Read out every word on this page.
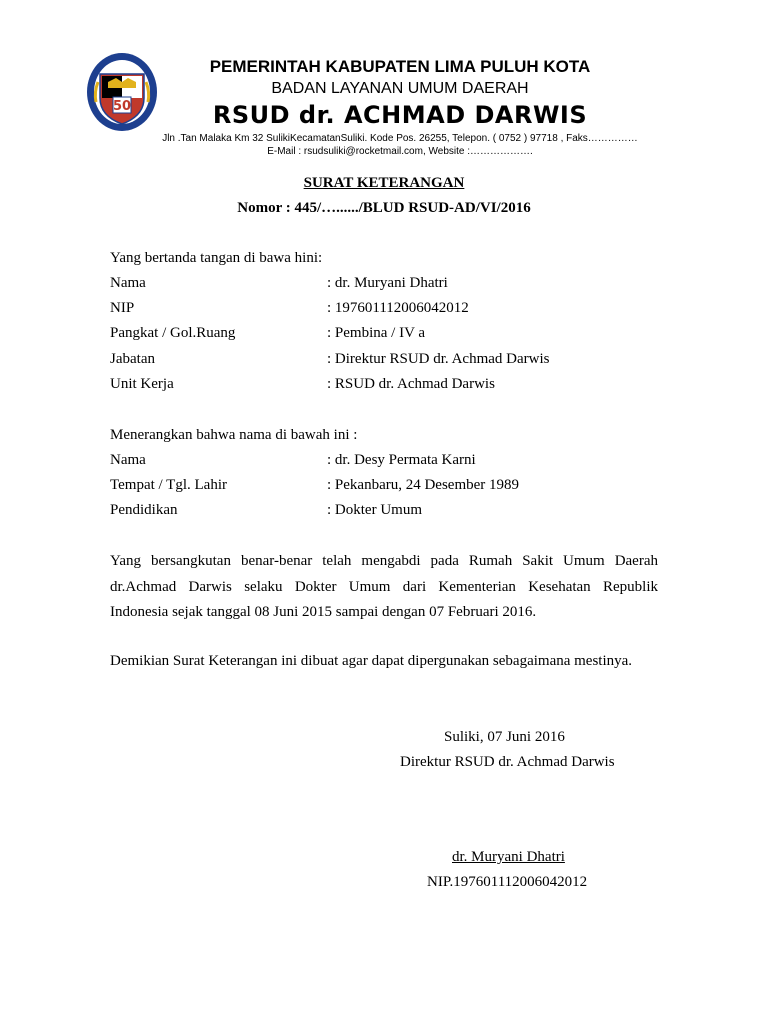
50
PEMERINTAH KABUPATEN LIMA PULUH KOTA
BADAN LAYANAN UMUM DAERAH
RSUD dr. ACHMAD DARWIS
Jln .Tan Malaka Km 32 SulikiKecamatanSuliki. Kode Pos. 26255, Telepon. ( 0752 ) 97718 , Faks……………
E-Mail : rsudsuliki@rocketmail.com, Website :……………….
SURAT KETERANGAN
Nomor : 445/…....../BLUD RSUD-AD/VI/2016
Yang bertanda tangan di bawa hini:
Nama	: dr. Muryani Dhatri
NIP	: 197601112006042012
Pangkat / Gol.Ruang	: Pembina / IV a
Jabatan	: Direktur RSUD dr. Achmad Darwis
Unit Kerja	: RSUD dr. Achmad Darwis
Menerangkan bahwa nama di bawah ini :
Nama	: dr. Desy Permata Karni
Tempat / Tgl. Lahir	: Pekanbaru, 24 Desember 1989
Pendidikan	: Dokter Umum
Yang bersangkutan benar-benar telah mengabdi pada Rumah Sakit Umum Daerah
dr.Achmad Darwis selaku Dokter Umum dari Kementerian Kesehatan Republik
Indonesia sejak tanggal 08 Juni 2015 sampai dengan 07 Februari 2016.
Demikian Surat Keterangan ini dibuat agar dapat dipergunakan sebagaimana mestinya.
Suliki, 07 Juni 2016
Direktur RSUD dr. Achmad Darwis
dr. Muryani Dhatri
NIP.197601112006042012
